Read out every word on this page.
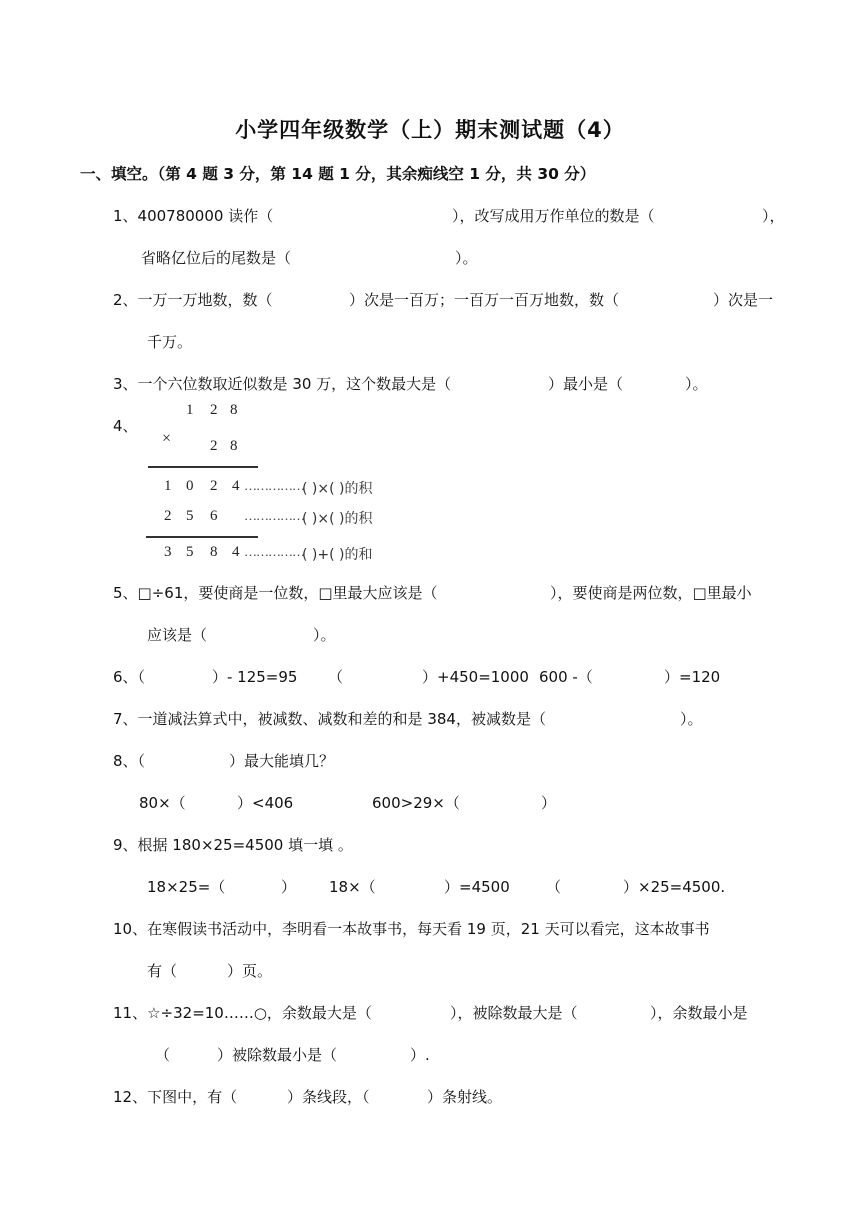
小学四年级数学（上）期末测试题（4）
一、填空。（第 4 题 3 分，第 14 题 1 分，其余痴线空 1 分，共 30 分）
1、400780000 读作（	），改写成用万作单位的数是（	），
省略亿位后的尾数是（	）。
2、一万一万地数，数（	）次是一百万；一百万一百万地数，数（	）次是一
千万。
3、一个六位数取近似数是 30 万，这个数最大是（	）最小是（	）。
4、
1 2 8
×	2 8
1 0 2 4 ……………
( )×( )的积
2 5 6 ……………
( )×( )的积
3 5 8 4 ……………
( )+( )的和
5、□÷61，要使商是一位数，□里最大应该是（	），要使商是两位数，□里最小
应该是（	）。
6、（	）- 125=95 （	）+450=1000 600 -（	）=120
7、一道减法算式中，被减数、减数和差的和是 384，被减数是（	）。
8、（	）最大能填几？
80×（	）<406	600>29×（	）
9、根据 180×25=4500 填一填 。
18×25=（	） 18×（	）=4500 （	）×25=4500.
10、在寒假读书活动中，李明看一本故事书，每天看 19 页，21 天可以看完，这本故事书
有（	）页。
11、☆÷32=10……○，余数最大是（	），被除数最大是（	），余数最小是
（	）被除数最小是（	）.
12、下图中，有（	）条线段，（	）条射线。
